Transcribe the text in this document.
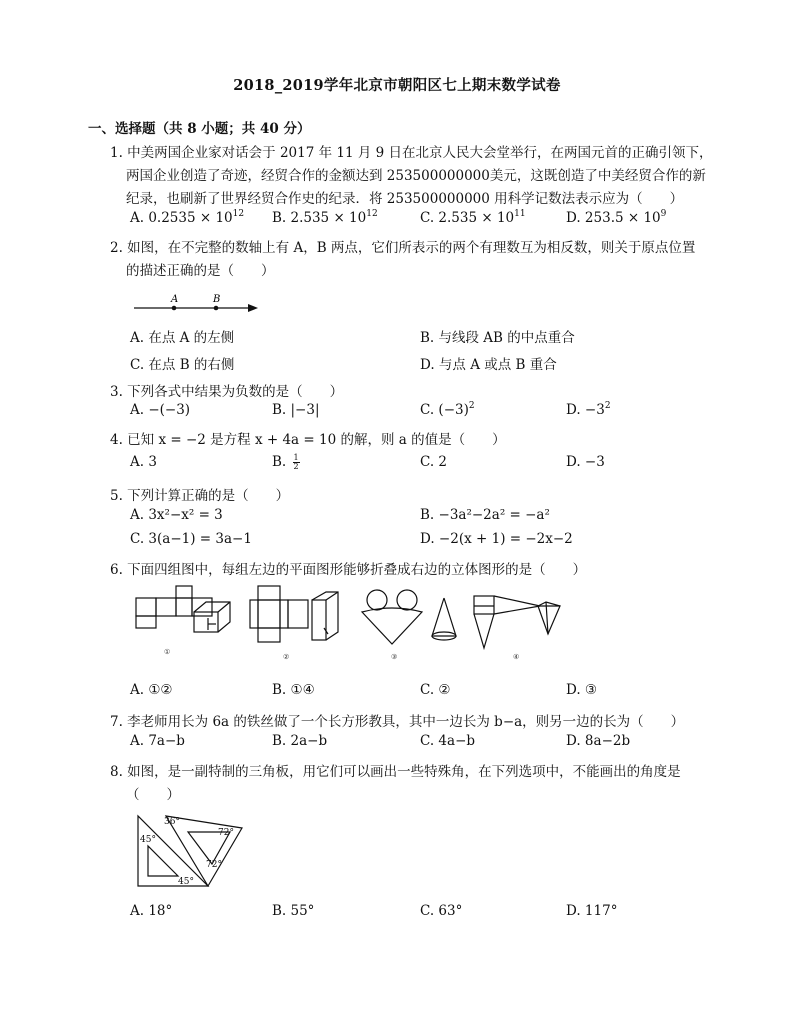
2018_2019学年北京市朝阳区七上期末数学试卷
一、选择题（共 8 小题；共 40 分）
1. 中美两国企业家对话会于 2017 年 11 月 9 日在北京人民大会堂举行，在两国元首的正确引领下，
两国企业创造了奇迹，经贸合作的金额达到 253500000000美元，这既创造了中美经贸合作的新
纪录，也刷新了世界经贸合作史的纪录．将 253500000000 用科学记数法表示应为（　　）
A. $0.2535 \times 10^{12}$ B. $2.535 \times 10^{12}$	C. $2.535 \times 10^{11}$	D. $253.5 \times 10^9$
2. 如图，在不完整的数轴上有 A，B 两点，它们所表示的两个有理数互为相反数，则关于原点位置
的描述正确的是（　　）
A	B
A. 在点 A 的左侧	B. 与线段 AB 的中点重合
C. 在点 B 的右侧	D. 与点 A 或点 B 重合
3. 下列各式中结果为负数的是（　　）
A. −(−3)	B. |−3|	C. $(-3)^2$	D. $-3^2$
4. 已知 x = −2 是方程 x + 4a = 10 的解，则 a 的值是（　　）
A. 3	B. $\frac{1}{2}$	C. 2	D. −3
5. 下列计算正确的是（　　）
A. 3x²−x² = 3	B. −3a²−2a² = −a²
C. 3(a−1) = 3a−1	D. −2(x + 1) = −2x−2
6. 下面四组图中，每组左边的平面图形能够折叠成右边的立体图形的是（　　）
①
②	③	④
A. ①②	B. ①④	C. ②	D. ③
7. 李老师用长为 6a 的铁丝做了一个长方形教具，其中一边长为 b−a，则另一边的长为（　　）
A. 7a−b	B. 2a−b	C. 4a−b	D. 8a−2b
8. 如图，是一副特制的三角板，用它们可以画出一些特殊角，在下列选项中，不能画出的角度是
（　　）
45°
36°
72°
72°
45°
A. 18°	B. 55°	C. 63°	D. 117°
